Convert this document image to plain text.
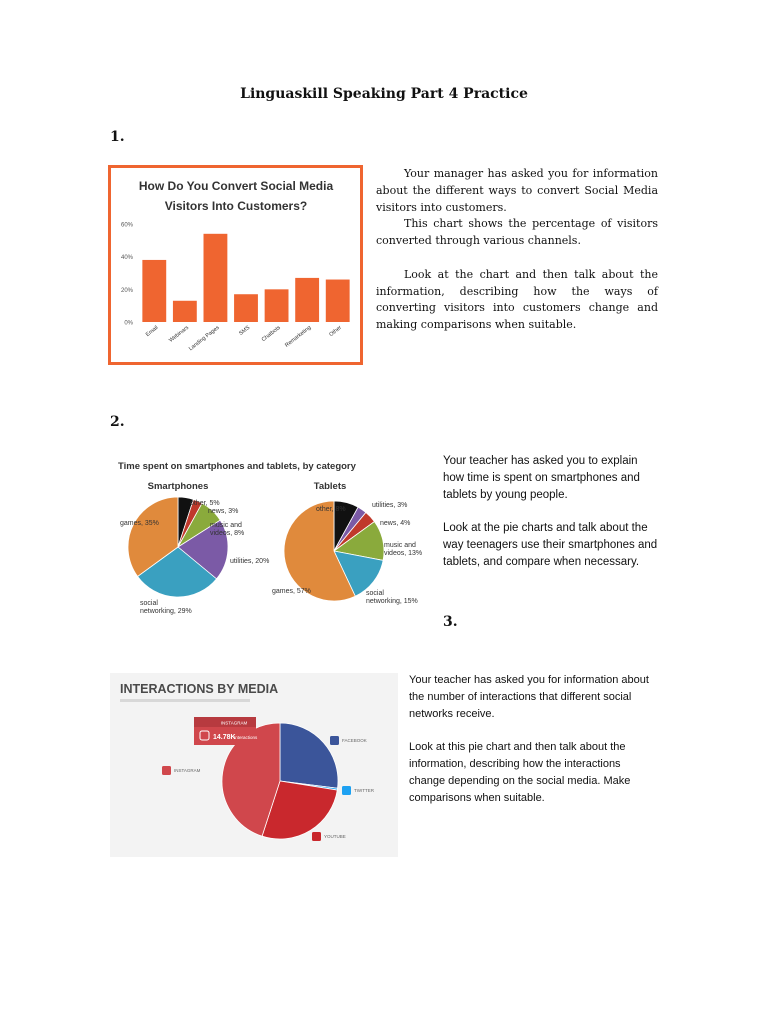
Linguaskill Speaking Part 4 Practice
1.
How Do You Convert Social Media
Visitors Into Customers?
0%
20%
40%
60%
Email Webinars
Landing Pages	SMS Chatbots Remarketing	Other

Your manager has asked you for information about the different ways to convert Social Media visitors into customers.

This chart shows the percentage of visitors converted through various channels.

Look at the chart and then talk about the information, describing how the ways of converting visitors into customers change and making comparisons when suitable.

2.
Time spent on smartphones and tablets, by category
Smartphones	Tablets
other, 5%
news, 3%
music and videos, 8%
utilities, 20%
social networking, 29%
games, 35%
other, 8%
utilities, 3%
news, 4%
music and videos, 13%
social networking, 15%
games, 57%

Your teacher has asked you to explain how time is spent on smartphones and tablets by young people.

Look at the pie charts and talk about the way teenagers use their smartphones and tablets, and compare when necessary.

3.
INTERACTIONS BY MEDIA
INSTAGRAM
14.78K
Interactions
FACEBOOK
TWITTER
YOUTUBE
INSTAGRAM

Your teacher has asked you for information about the number of interactions that different social networks receive.

Look at this pie chart and then talk about the information, describing how the interactions change depending on the social media. Make comparisons when suitable.
